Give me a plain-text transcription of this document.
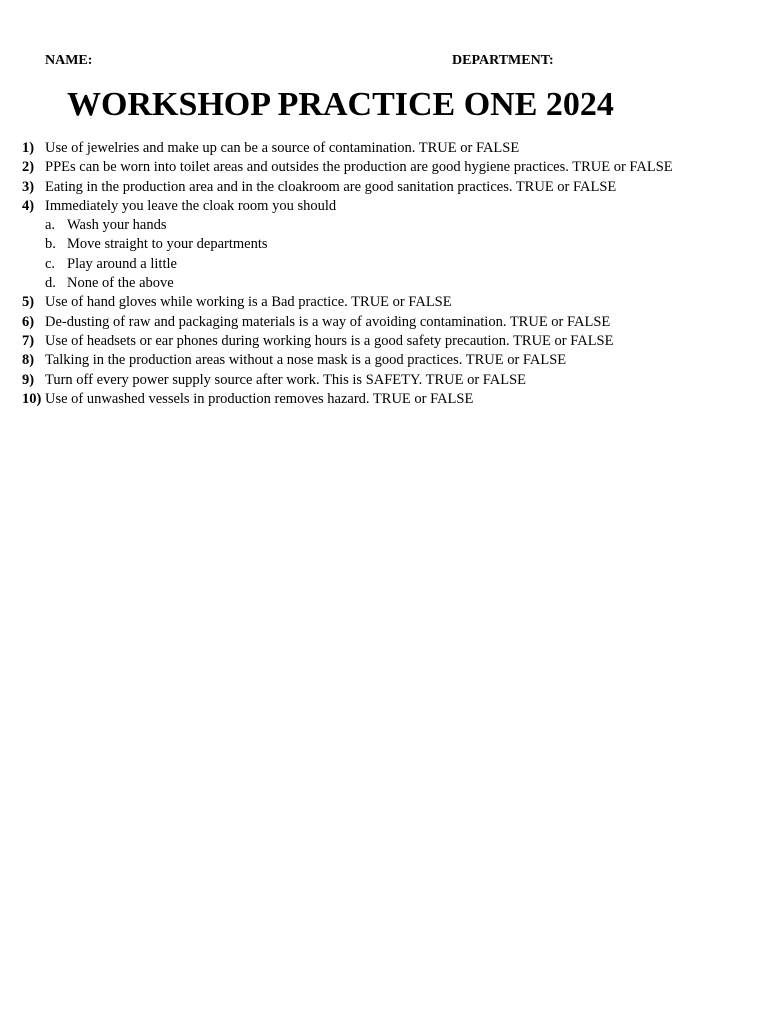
NAME:	DEPARTMENT:
WORKSHOP PRACTICE ONE 2024
1) Use of jewelries and make up can be a source of contamination. TRUE or FALSE
2) PPEs can be worn into toilet areas and outsides the production are good hygiene practices. TRUE or FALSE
3) Eating in the production area and in the cloakroom are good sanitation practices. TRUE or FALSE
4) Immediately you leave the cloak room you should
a. Wash your hands
b. Move straight to your departments
c. Play around a little
d. None of the above
5) Use of hand gloves while working is a Bad practice. TRUE or FALSE
6) De-dusting of raw and packaging materials is a way of avoiding contamination. TRUE or FALSE
7) Use of headsets or ear phones during working hours is a good safety precaution. TRUE or FALSE
8) Talking in the production areas without a nose mask is a good practices. TRUE or FALSE
9) Turn off every power supply source after work. This is SAFETY. TRUE or FALSE
10) Use of unwashed vessels in production removes hazard. TRUE or FALSE
